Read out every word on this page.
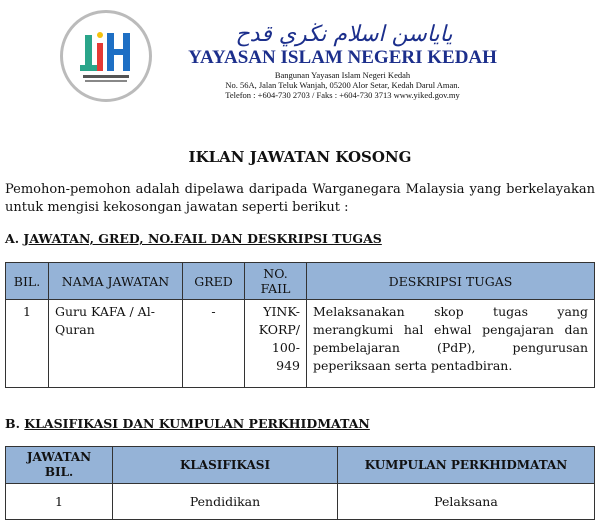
ياياسن اسلام نڬري قدح
YAYASAN ISLAM NEGERI KEDAH
Bangunan Yayasan Islam Negeri Kedah
No. 56A, Jalan Teluk Wanjah, 05200 Alor Setar, Kedah Darul Aman.
Telefon : +604-730 2703 / Faks : +604-730 3713 www.yiked.gov.my
IKLAN JAWATAN KOSONG
Pemohon-pemohon adalah dipelawa daripada Warganegara Malaysia yang berkelayakan untuk mengisi kekosongan jawatan seperti berikut :
A. JAWATAN, GRED, NO.FAIL DAN DESKRIPSI TUGAS
BIL.	NAMA JAWATAN	GRED	NO. FAIL	DESKRIPSI TUGAS
1	Guru KAFA / Al-Quran	-	YINK-KORP/ 100-949	Melaksanakan skop tugas yang merangkumi hal ehwal pengajaran dan pembelajaran (PdP), pengurusan peperiksaan serta pentadbiran.
B. KLASIFIKASI DAN KUMPULAN PERKHIDMATAN
JAWATAN BIL.	KLASIFIKASI	KUMPULAN PERKHIDMATAN
1	Pendidikan	Pelaksana
